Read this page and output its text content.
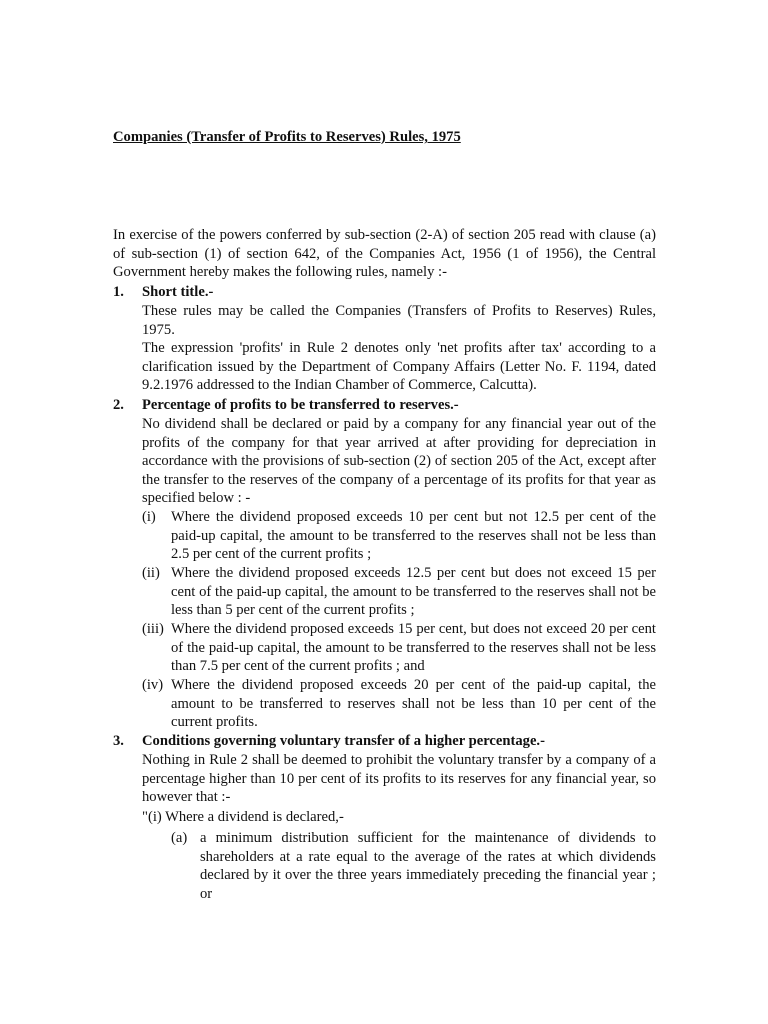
Companies (Transfer of Profits to Reserves) Rules, 1975

In exercise of the powers conferred by sub-section (2-A) of section 205 read with clause (a) of sub-section (1) of section 642, of the Companies Act, 1956 (1 of 1956), the Central Government hereby makes the following rules, namely :-

1. Short title.-

These rules may be called the Companies (Transfers of Profits to Reserves) Rules, 1975.

The expression 'profits' in Rule 2 denotes only 'net profits after tax' according to a clarification issued by the Department of Company Affairs (Letter No. F. 1194, dated 9.2.1976 addressed to the Indian Chamber of Commerce, Calcutta).

2. Percentage of profits to be transferred to reserves.-

No dividend shall be declared or paid by a company for any financial year out of the profits of the company for that year arrived at after providing for depreciation in accordance with the provisions of sub-section (2) of section 205 of the Act, except after the transfer to the reserves of the company of a percentage of its profits for that year as specified below : -

(i) Where the dividend proposed exceeds 10 per cent but not 12.5 per cent of the paid-up capital, the amount to be transferred to the reserves shall not be less than 2.5 per cent of the current profits ;
(ii) Where the dividend proposed exceeds 12.5 per cent but does not exceed 15 per cent of the paid-up capital, the amount to be transferred to the reserves shall not be less than 5 per cent of the current profits ;
(iii) Where the dividend proposed exceeds 15 per cent, but does not exceed 20 per cent of the paid-up capital, the amount to be transferred to the reserves shall not be less than 7.5 per cent of the current profits ; and
(iv) Where the dividend proposed exceeds 20 per cent of the paid-up capital, the amount to be transferred to reserves shall not be less than 10 per cent of the current profits.
3. Conditions governing voluntary transfer of a higher percentage.-

Nothing in Rule 2 shall be deemed to prohibit the voluntary transfer by a company of a percentage higher than 10 per cent of its profits to its reserves for any financial year, so however that :-

"(i) Where a dividend is declared,-

(a) a minimum distribution sufficient for the maintenance of dividends to shareholders at a rate equal to the average of the rates at which dividends declared by it over the three years immediately preceding the financial year ; or
